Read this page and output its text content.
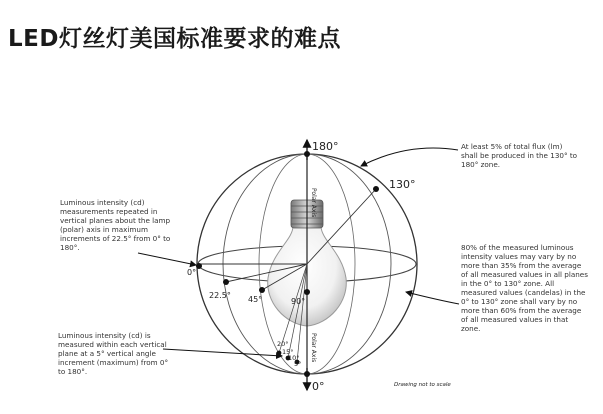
LED灯丝灯美国标准要求的难点
180°
130°
0°
22.5° 45°	90°
20°
15°
10°
5°
0°
Polar Axis
Polar Axis
Drawing not to scale
Luminous intensity (cd) measurements repeated in vertical planes about the lamp (polar) axis in maximum increments of 22.5° from 0° to 180°.
Luminous intensity (cd) is measured within each vertical plane at a 5° vertical angle increment (maximum) from 0° to 180°.
At least 5% of total flux (lm) shall be produced in the 130° to 180° zone.
80% of the measured luminous intensity values may vary by no more than 35% from the average of all measured values in all planes in the 0° to 130° zone. All measured values (candelas) in the 0° to 130° zone shall vary by no more than 60% from the average of all measured values in that zone.
